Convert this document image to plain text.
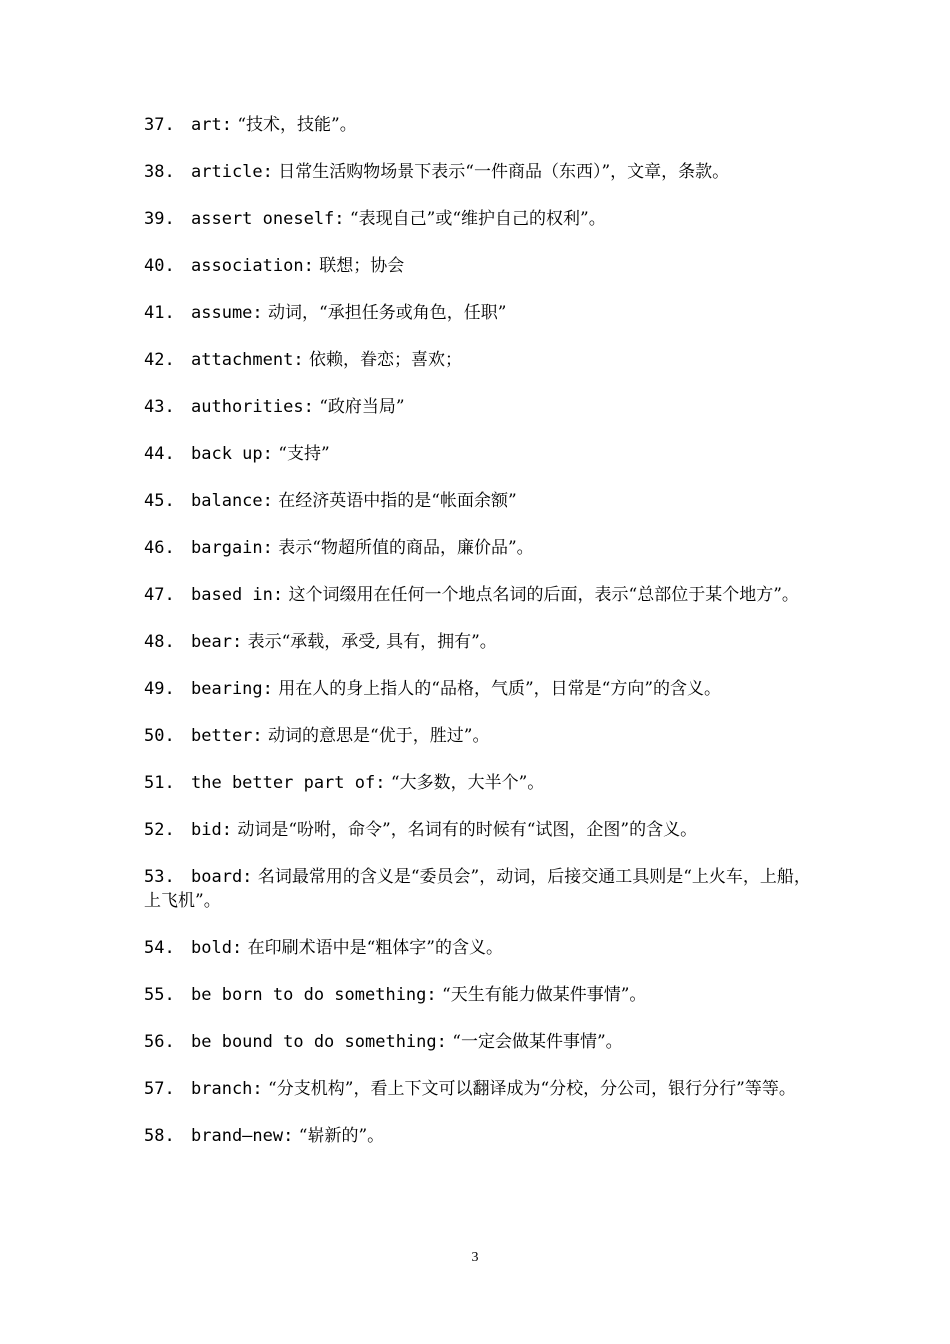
37. art: “技术，技能”。
38. article: 日常生活购物场景下表示“一件商品（东西）”，文章，条款。
39. assert oneself: “表现自己”或“维护自己的权利”。
40. association: 联想；协会
41. assume: 动词，“承担任务或角色，任职”
42. attachment: 依赖，眷恋；喜欢；
43. authorities: “政府当局”
44. back up: “支持”
45. balance: 在经济英语中指的是“帐面余额”
46. bargain: 表示“物超所值的商品，廉价品”。
47. based in: 这个词缀用在任何一个地点名词的后面，表示“总部位于某个地方”。
48. bear: 表示“承载，承受, 具有，拥有”。
49. bearing: 用在人的身上指人的“品格，气质”，日常是“方向”的含义。
50. better: 动词的意思是“优于，胜过”。
51. the better part of: “大多数，大半个”。
52. bid: 动词是“吩咐，命令”，名词有的时候有“试图，企图”的含义。
53. board: 名词最常用的含义是“委员会”，动词，后接交通工具则是“上火车，上船，上飞机”。
54. bold: 在印刷术语中是“粗体字”的含义。
55. be born to do something: “天生有能力做某件事情”。
56. be bound to do something: “一定会做某件事情”。
57. branch: “分支机构”，看上下文可以翻译成为“分校，分公司，银行分行”等等。
58. brand–new: “崭新的”。
3
